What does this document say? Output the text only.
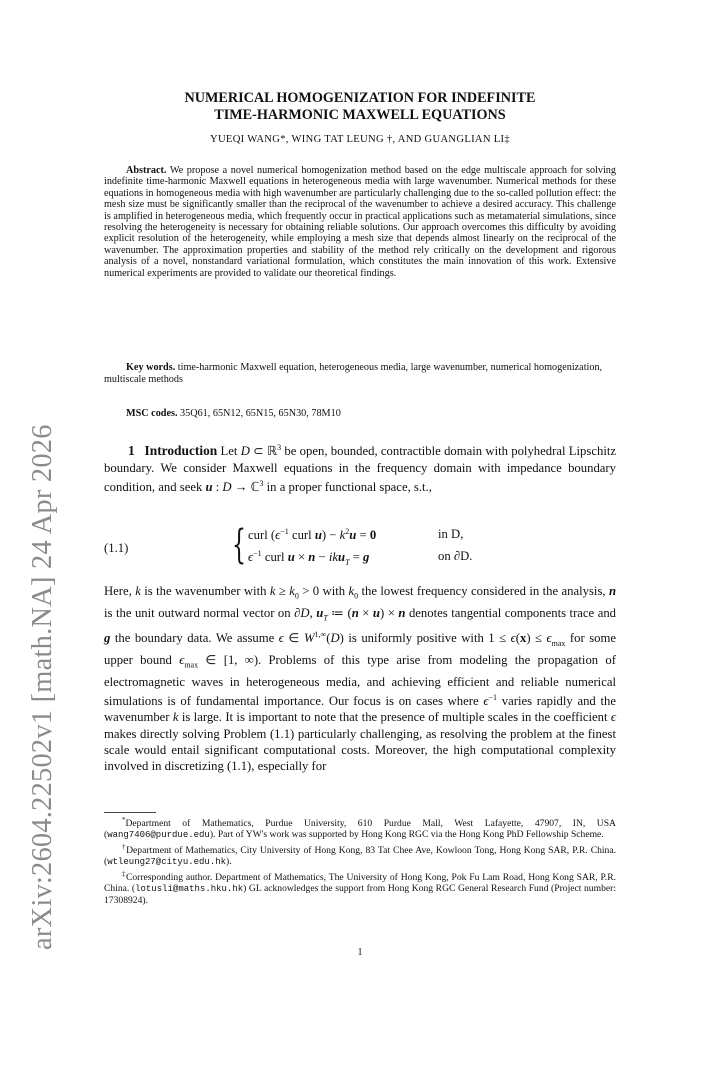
arXiv:2604.22502v1 [math.NA] 24 Apr 2026
NUMERICAL HOMOGENIZATION FOR INDEFINITE
TIME-HARMONIC MAXWELL EQUATIONS
YUEQI WANG*, WING TAT LEUNG †, AND GUANGLIAN LI‡

Abstract. We propose a novel numerical homogenization method based on the edge multiscale approach for solving indefinite time-harmonic Maxwell equations in heterogeneous media with large wavenumber. Numerical methods for these equations in homogeneous media with high wavenumber are particularly challenging due to the so-called pollution effect: the mesh size must be significantly smaller than the reciprocal of the wavenumber to achieve a desired accuracy. This challenge is amplified in heterogeneous media, which frequently occur in practical applications such as metamaterial simulations, since resolving the heterogeneity is necessary for obtaining reliable solutions. Our approach overcomes this difficulty by avoiding explicit resolution of the heterogeneity, while employing a mesh size that depends almost linearly on the reciprocal of the wavenumber. The approximation properties and stability of the method rely critically on the development and rigorous analysis of a novel, nonstandard variational formulation, which constitutes the main innovation of this work. Extensive numerical experiments are provided to validate our theoretical findings.

Key words. time-harmonic Maxwell equation, heterogeneous media, large wavenumber, numerical homogenization, multiscale methods

MSC codes. 35Q61, 65N12, 65N15, 65N30, 78M10

1 Introduction Let D ⊂ ℝ$^3$ be open, bounded, contractible domain with polyhedral Lipschitz boundary. We consider Maxwell equations in the frequency domain with impedance boundary condition, and seek u : D → ℂ$^3$ in a proper functional space, s.t.,

(1.1)	{ curl ($\epsilon^{-1}$ curl $u) - k^2u = 0$
$\epsilon^{-1}$ curl u × n − iku$_T$ = g
in D,
on ∂D.

Here, k is the wavenumber with $k \ge k_0 > 0$ with $k_0$ the lowest frequency considered in the analysis, n is the unit outward normal vector on ∂D, $u_T$ ≔ (n × u) × n denotes tangential components trace and g the boundary data. We assume ϵ ∈ $W^{1,\infty}(D)$ is uniformly positive with $1 \le \epsilon(x) \le \epsilon_{max}$ for some upper bound $\epsilon_{max}$ ∈ [1, ∞). Problems of this type arise from modeling the propagation of electromagnetic waves in heterogeneous media, and achieving efficient and reliable numerical simulations is of fundamental importance. Our focus is on cases where $\epsilon^{-1}$ varies rapidly and the wavenumber k is large. It is important to note that the presence of multiple scales in the coefficient ϵ makes directly solving Problem (1.1) particularly challenging, as resolving the problem at the finest scale would entail significant computational costs. Moreover, the high computational complexity involved in discretizing (1.1), especially for

*Department of Mathematics, Purdue University, 610 Purdue Mall, West Lafayette, 47907, IN, USA (wang7406@purdue.edu). Part of YW's work was supported by Hong Kong RGC via the Hong Kong PhD Fellowship Scheme.

†Department of Mathematics, City University of Hong Kong, 83 Tat Chee Ave, Kowloon Tong, Hong Kong SAR, P.R. China. (wtleung27@cityu.edu.hk).

‡Corresponding author. Department of Mathematics, The University of Hong Kong, Pok Fu Lam Road, Hong Kong SAR, P.R. China. (lotusli@maths.hku.hk) GL acknowledges the support from Hong Kong RGC General Research Fund (Project number: 17308924).

1
